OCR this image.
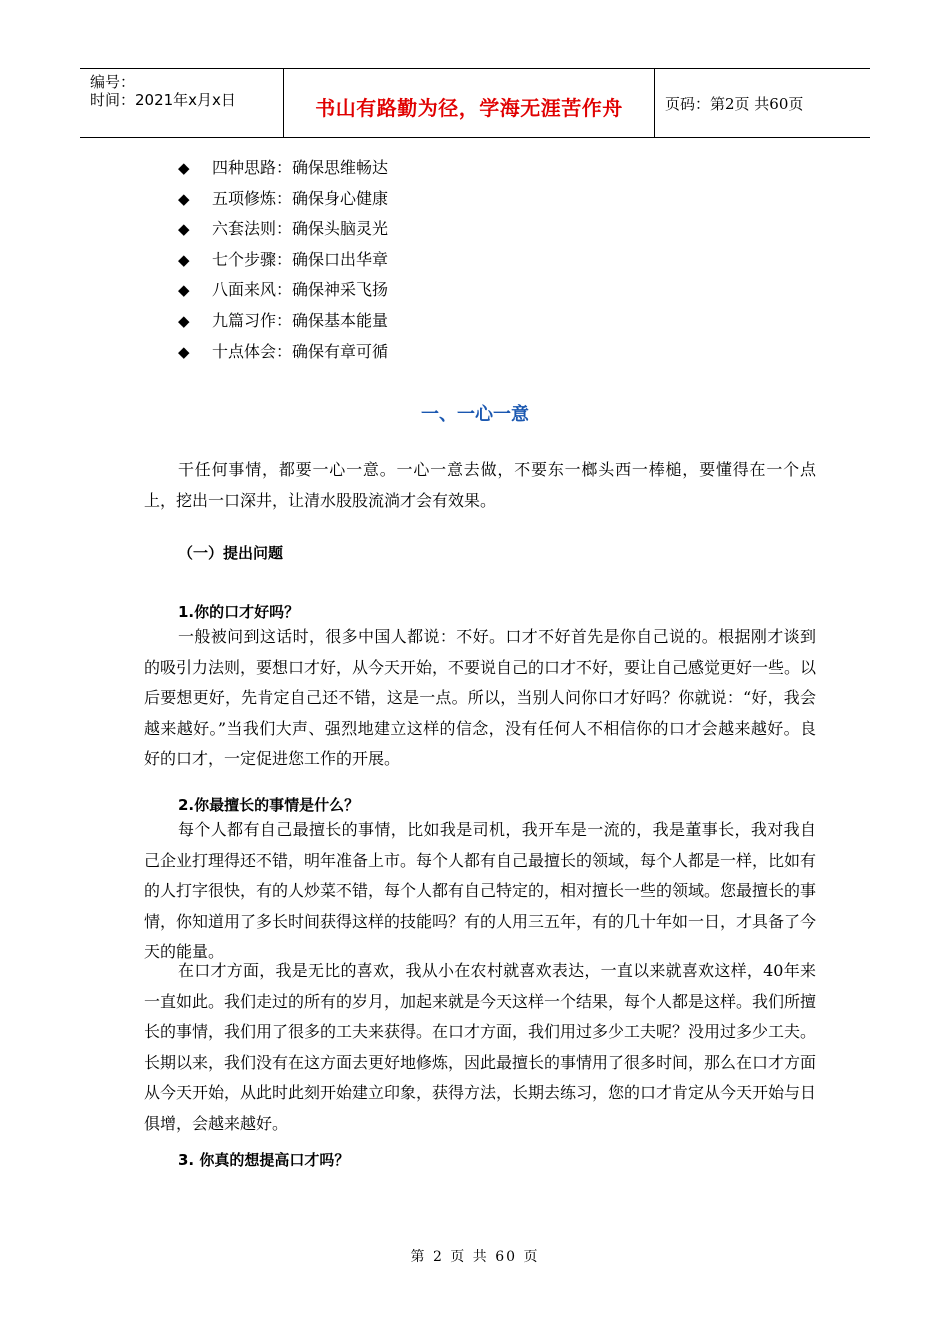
编号：
时间：2021年x月x日	书山有路勤为径，学海无涯苦作舟	页码：第2页 共60页
◆ 四种思路：确保思维畅达
◆ 五项修炼：确保身心健康
◆ 六套法则：确保头脑灵光
◆ 七个步骤：确保口出华章
◆ 八面来风：确保神采飞扬
◆ 九篇习作：确保基本能量
◆ 十点体会：确保有章可循
一、一心一意

干任何事情，都要一心一意。一心一意去做，不要东一榔头西一棒槌，要懂得在一个点上，挖出一口深井，让清水股股流淌才会有效果。

（一）提出问题
1.你的口才好吗？

一般被问到这话时，很多中国人都说：不好。口才不好首先是你自己说的。根据刚才谈到的吸引力法则，要想口才好，从今天开始，不要说自己的口才不好，要让自己感觉更好一些。以后要想更好，先肯定自己还不错，这是一点。所以，当别人问你口才好吗？你就说：“好，我会越来越好。”当我们大声、强烈地建立这样的信念，没有任何人不相信你的口才会越来越好。良好的口才，一定促进您工作的开展。

2.你最擅长的事情是什么？

每个人都有自己最擅长的事情，比如我是司机，我开车是一流的，我是董事长，我对我自己企业打理得还不错，明年准备上市。每个人都有自己最擅长的领域，每个人都是一样，比如有的人打字很快，有的人炒菜不错，每个人都有自己特定的，相对擅长一些的领域。您最擅长的事情，你知道用了多长时间获得这样的技能吗？有的人用三五年，有的几十年如一日，才具备了今天的能量。

在口才方面，我是无比的喜欢，我从小在农村就喜欢表达，一直以来就喜欢这样，40年来一直如此。我们走过的所有的岁月，加起来就是今天这样一个结果，每个人都是这样。我们所擅长的事情，我们用了很多的工夫来获得。在口才方面，我们用过多少工夫呢？没用过多少工夫。长期以来，我们没有在这方面去更好地修炼，因此最擅长的事情用了很多时间，那么在口才方面从今天开始，从此时此刻开始建立印象，获得方法，长期去练习，您的口才肯定从今天开始与日俱增，会越来越好。

3. 你真的想提高口才吗？
第 2 页 共 60 页
